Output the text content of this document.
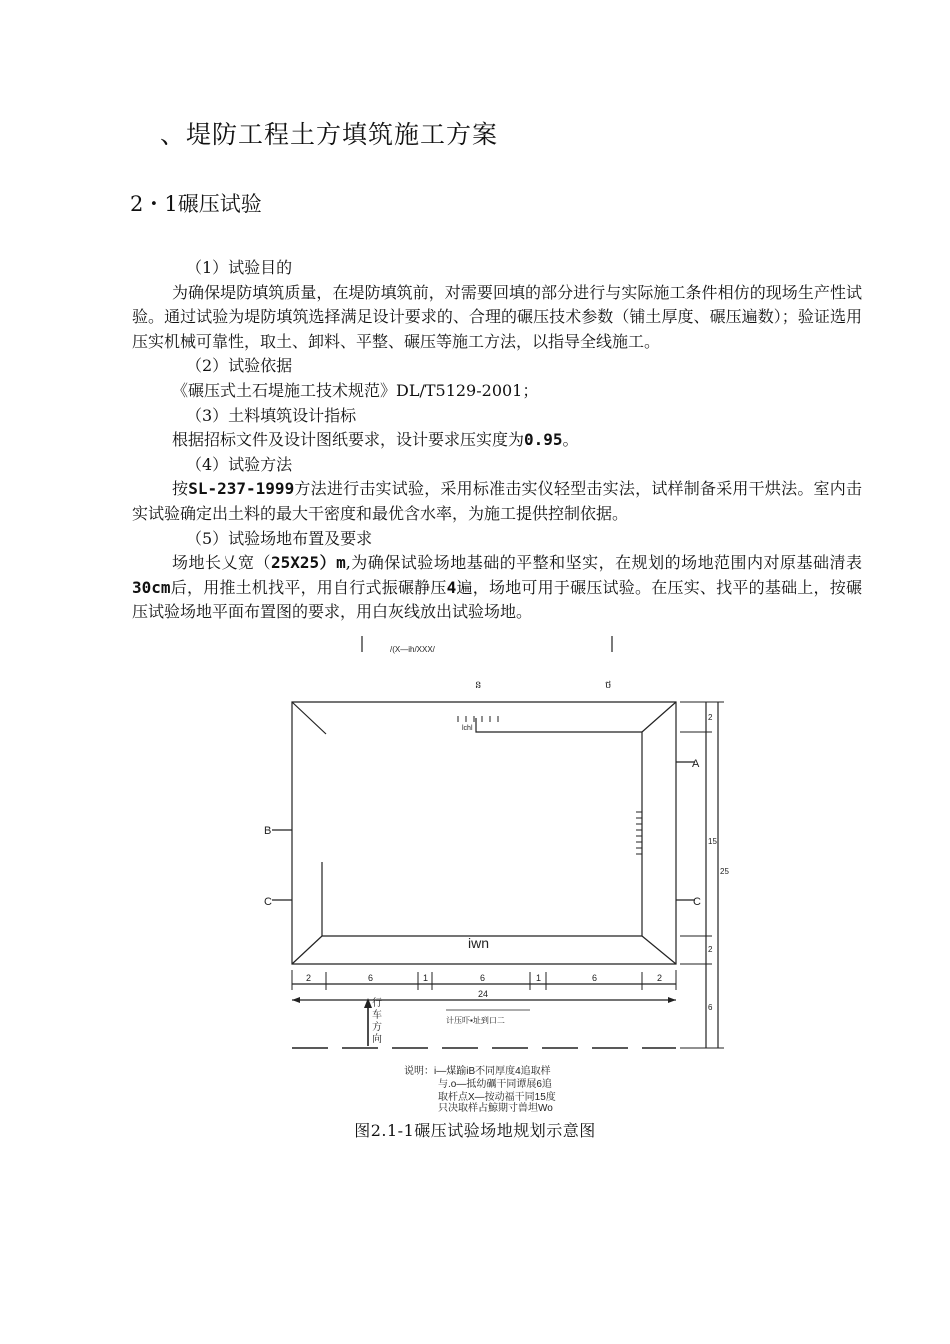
、堤防工程土方填筑施工方案
2・1碾压试验

（1）试验目的

为确保堤防填筑质量，在堤防填筑前，对需要回填的部分进行与实际施工条件相仿的现场生产性试验。通过试验为堤防填筑选择满足设计要求的、合理的碾压技术参数（铺土厚度、碾压遍数）；验证选用压实机械可靠性，取土、卸料、平整、碾压等施工方法，以指导全线施工。

（2）试验依据

《碾压式土石堤施工技术规范》DL/T5129-2001；

（3）土料填筑设计指标

根据招标文件及设计图纸要求，设计要求压实度为0.95。

（4）试验方法

按SL-237-1999方法进行击实试验，采用标准击实仪轻型击实法，试样制备采用干烘法。室内击实试验确定出土料的最大干密度和最优含水率，为施工提供控制依据。

（5）试验场地布置及要求

场地长乂宽（25X25）m,为确保试验场地基础的平整和坚实，在规划的场地范围内对原基础清表30cm后，用推土机找平，用自行式振碾静压4遍，场地可用于碾压试验。在压实、找平的基础上，按碾压试验场地平面布置图的要求，用白灰线放出试验场地。

/(X—ih/XXX/
ន	ថ
lchl
A
B
C	C
iwn
2	6	1	6	1	6	2
24
行
车
方
向
计压吓▪址到口二
2
15
25
2
6
说明：i—煤踰iB不同厚度4追取样
与.o—抵幼礪干同谭展6追
取杆点X—按动福干同15度
只决取样占鯨期寸兽坦Wo
图2.1-1碾压试验场地规划示意图
